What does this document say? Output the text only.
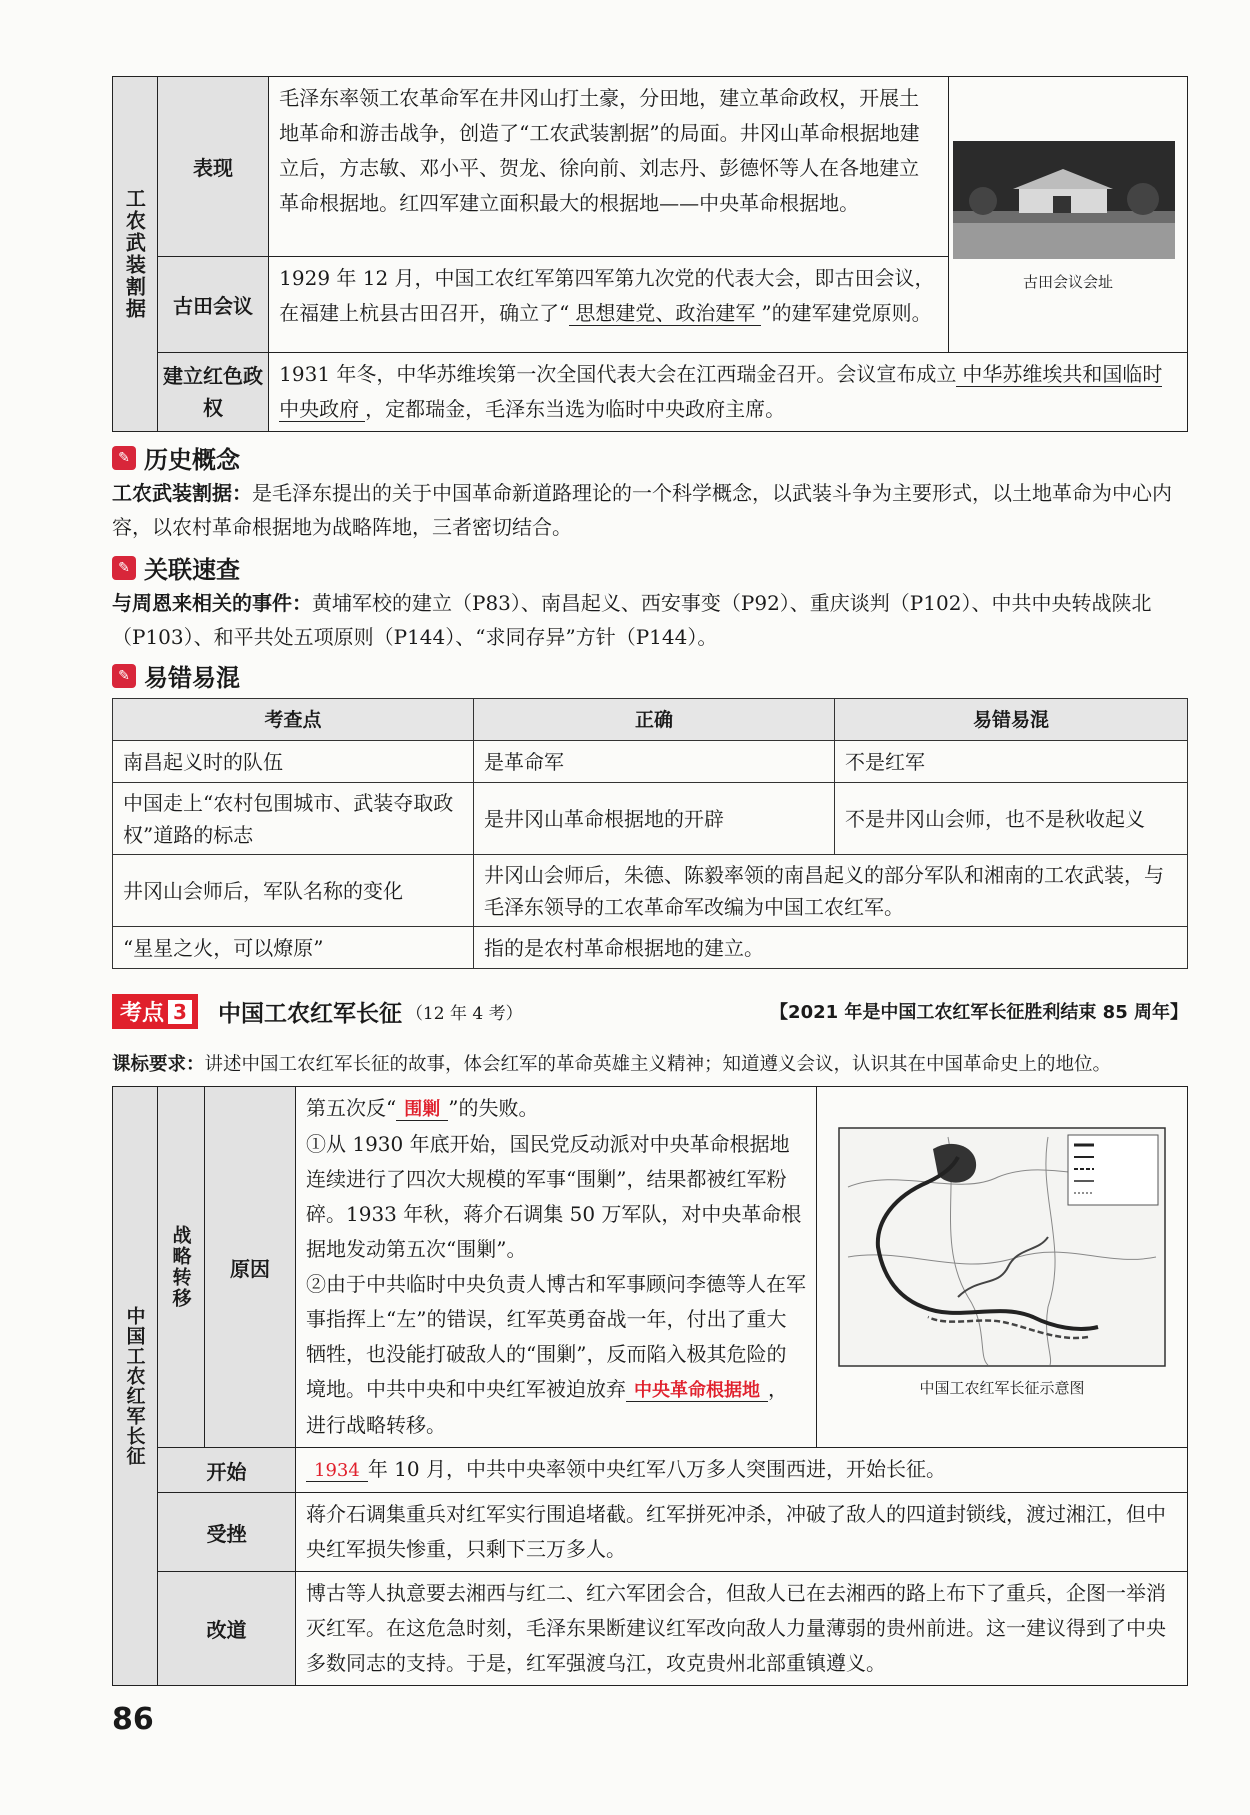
工农武装割据	表现	毛泽东率领工农革命军在井冈山打土豪，分田地，建立革命政权，开展土地革命和游击战争，创造了“工农武装割据”的局面。井冈山革命根据地建立后，方志敏、邓小平、贺龙、徐向前、刘志丹、彭德怀等人在各地建立革命根据地。红四军建立面积最大的根据地——中央革命根据地。	古田会议会址

	古田会议	1929 年 12 月，中国工农红军第四军第九次党的代表大会，即古田会议，在福建上杭县古田召开，确立了“ 思想建党、政治建军 ”的建军建党原则。	
	建立红色政权	1931 年冬，中华苏维埃第一次全国代表大会在江西瑞金召开。会议宣布成立 中华苏维埃共和国临时中央政府 ，定都瑞金，毛泽东当选为临时中央政府主席。	
✎ 历史概念
工农武装割据：是毛泽东提出的关于中国革命新道路理论的一个科学概念，以武装斗争为主要形式，以土地革命为中心内容，以农村革命根据地为战略阵地，三者密切结合。
✎ 关联速查
与周恩来相关的事件：黄埔军校的建立（P83）、南昌起义、西安事变（P92）、重庆谈判（P102）、中共中央转战陕北（P103）、和平共处五项原则（P144）、“求同存异”方针（P144）。
✎ 易错易混
考查点	正确	易错易混
南昌起义时的队伍	是革命军	不是红军
中国走上“农村包围城市、武装夺取政权”道路的标志	是井冈山革命根据地的开辟	不是井冈山会师，也不是秋收起义
井冈山会师后，军队名称的变化	井冈山会师后，朱德、陈毅率领的南昌起义的部分军队和湘南的工农武装，与毛泽东领导的工农革命军改编为中国工农红军。	
“星星之火，可以燎原”	指的是农村革命根据地的建立。	
考点 3 中国工农红军长征 （12 年 4 考）	【2021 年是中国工农红军长征胜利结束 85 周年】
课标要求：讲述中国工农红军长征的故事，体会红军的革命英雄主义精神；知道遵义会议，认识其在中国革命史上的地位。
中国工农红军长征	战略转移	原因	第五次反“ 围剿 ”的失败。
①从 1930 年底开始，国民党反动派对中央革命根据地连续进行了四次大规模的军事“围剿”，结果都被红军粉碎。1933 年秋，蒋介石调集 50 万军队，对中央革命根据地发动第五次“围剿”。
②由于中共临时中央负责人博古和军事顾问李德等人在军事指挥上“左”的错误，红军英勇奋战一年，付出了重大牺牲，也没能打破敌人的“围剿”，反而陷入极其危险的境地。中共中央和中央红军被迫放弃 中央革命根据地 ，进行战略转移。
中国工农红军长征示意图

	开始		1934 年 10 月，中共中央率领中央红军八万多人突围西进，开始长征。
	受挫		蒋介石调集重兵对红军实行围追堵截。红军拼死冲杀，冲破了敌人的四道封锁线，渡过湘江，但中央红军损失惨重，只剩下三万多人。
	改道		博古等人执意要去湘西与红二、红六军团会合，但敌人已在去湘西的路上布下了重兵，企图一举消灭红军。在这危急时刻，毛泽东果断建议红军改向敌人力量薄弱的贵州前进。这一建议得到了中央多数同志的支持。于是，红军强渡乌江，攻克贵州北部重镇遵义。
86
